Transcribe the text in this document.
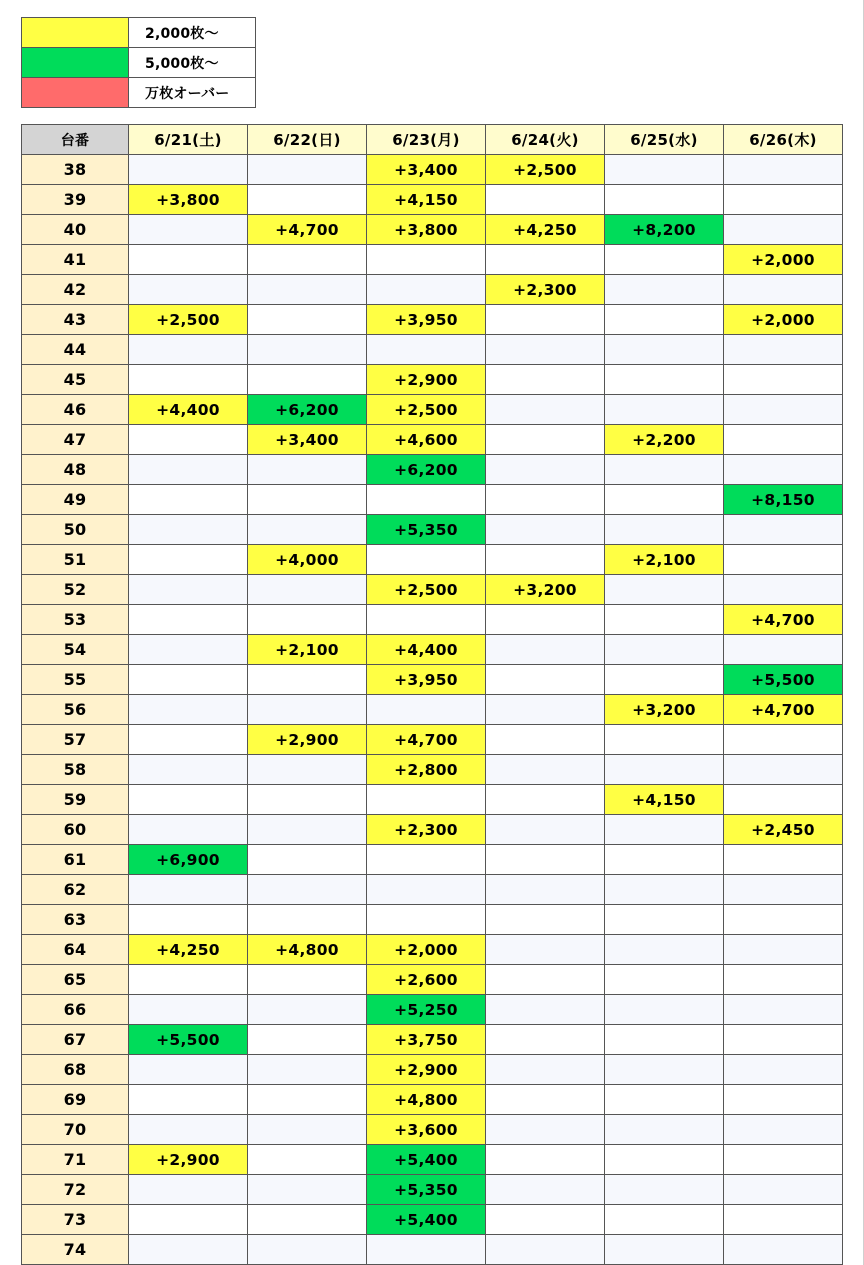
	2,000枚〜
	5,000枚〜
	万枚オーバー
台番	6/21(土)	6/22(日)	6/23(月)	6/24(火)	6/25(水)	6/26(木)
38			+3,400	+2,500		
39	+3,800		+4,150			
40		+4,700	+3,800	+4,250	+8,200	
41						+2,000
42				+2,300		
43	+2,500		+3,950			+2,000
44						
45			+2,900			
46	+4,400	+6,200	+2,500			
47		+3,400	+4,600		+2,200	
48			+6,200			
49						+8,150
50			+5,350			
51		+4,000			+2,100	
52			+2,500	+3,200		
53						+4,700
54		+2,100	+4,400			
55			+3,950			+5,500
56					+3,200	+4,700
57		+2,900	+4,700			
58			+2,800			
59					+4,150	
60			+2,300			+2,450
61	+6,900					
62						
63						
64	+4,250	+4,800	+2,000			
65			+2,600			
66			+5,250			
67	+5,500		+3,750			
68			+2,900			
69			+4,800			
70			+3,600			
71	+2,900		+5,400			
72			+5,350			
73			+5,400			
74						
